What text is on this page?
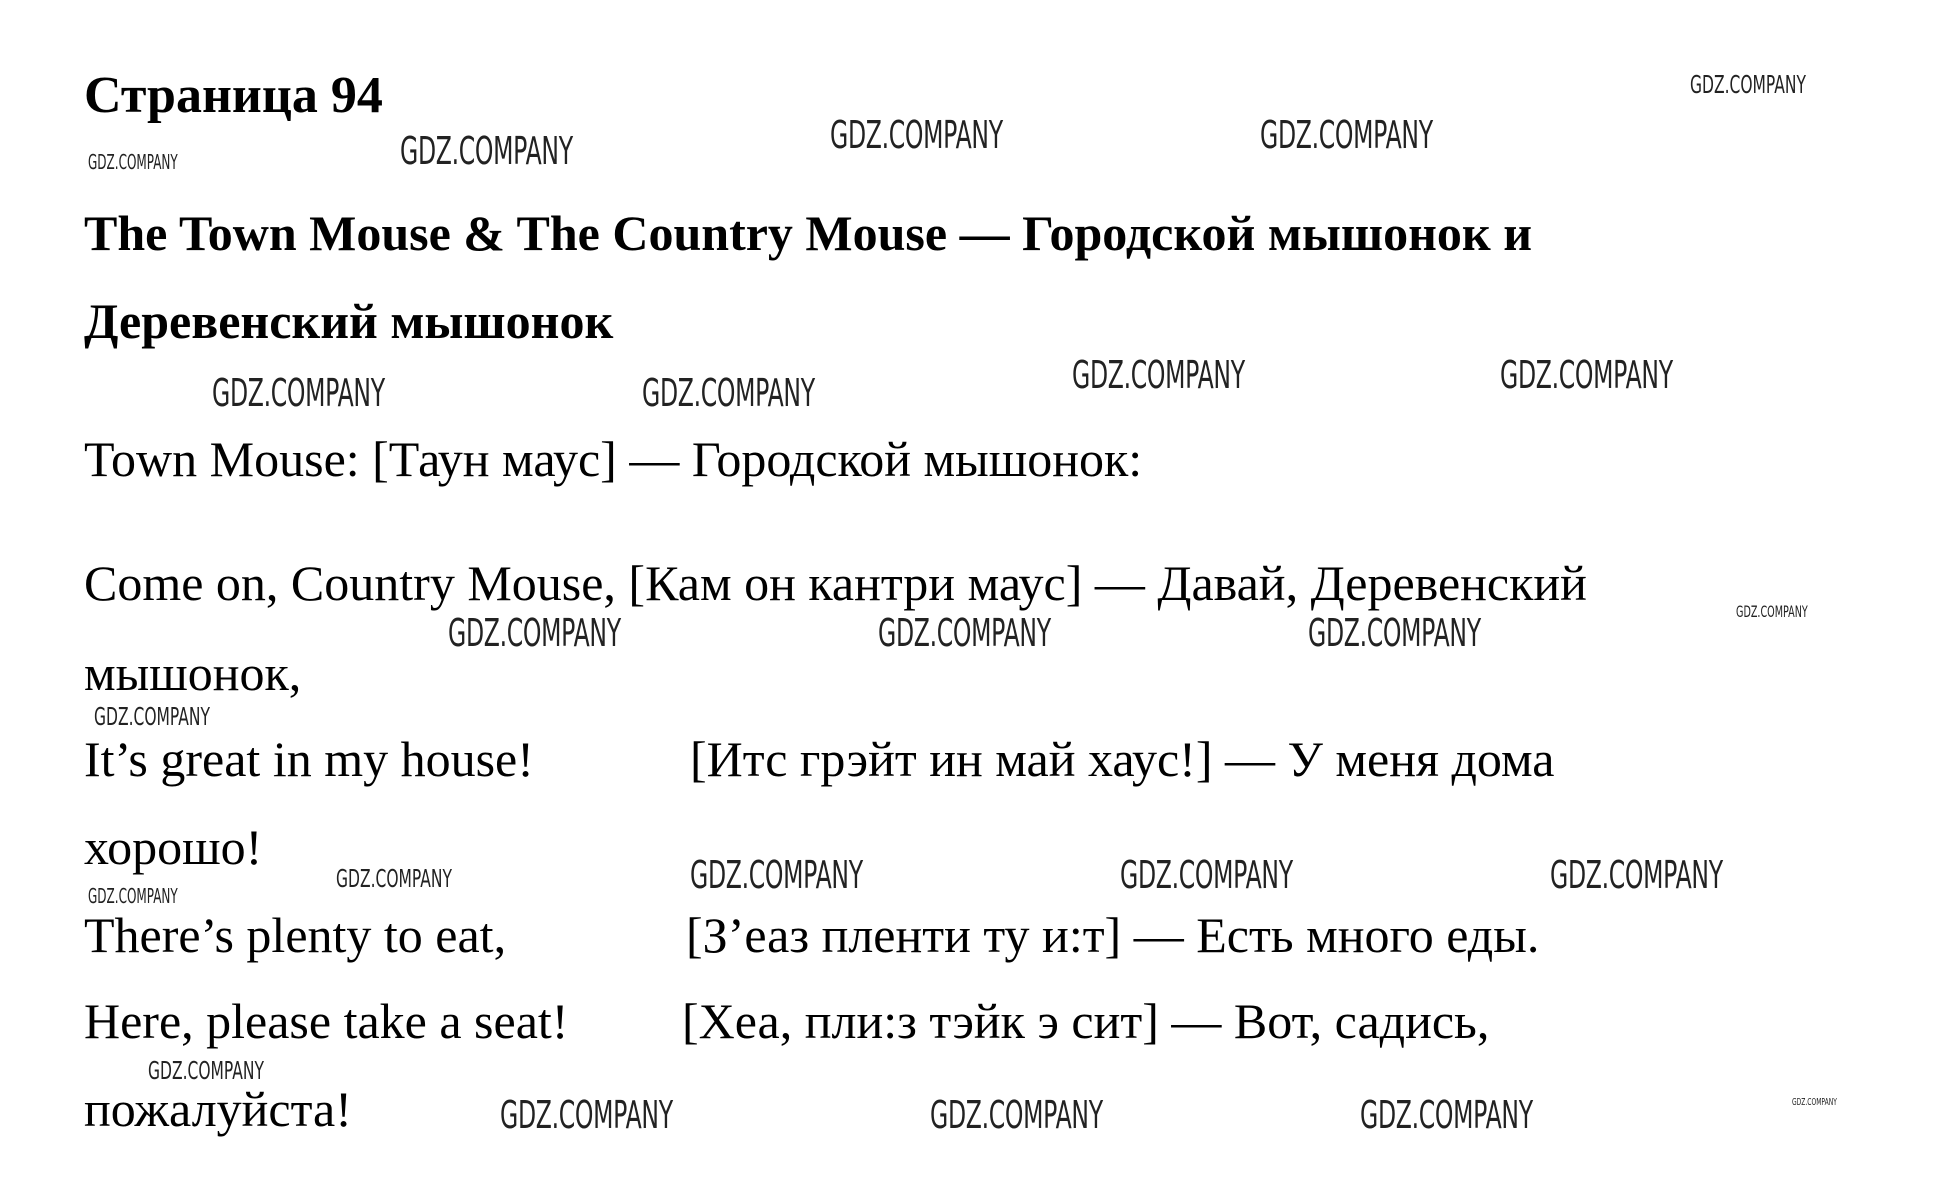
Страница 94
The Town Mouse & The Country Mouse — Городской мышонок и
Деревенский мышонок
Town Mouse: [Таун маус] — Городской мышонок:
Come on, Country Mouse, [Кам он кантри маус] — Давай, Деревенский
мышонок,
It’s great in my house!	[Итс грэйт ин май хаус!] — У меня дома
хорошо!
There’s plenty to eat,	[З’еаз пленти ту и:т] — Есть много еды.
Here, please take a seat! [Хеа, пли:з тэйк э сит] — Вот, садись,
пожалуйста!
GDZ.COMPANY
GDZ.COMPANY	GDZ.COMPANY	GDZ.COMPANY	GDZ.COMPANY
GDZ.COMPANY	GDZ.COMPANY	GDZ.COMPANY	GDZ.COMPANY
GDZ.COMPANY
GDZ.COMPANY	GDZ.COMPANY	GDZ.COMPANY
GDZ.COMPANY
GDZ.COMPANY
GDZ.COMPANY	GDZ.COMPANY	GDZ.COMPANY	GDZ.COMPANY
GDZ.COMPANY
GDZ.COMPANY	GDZ.COMPANY	GDZ.COMPANY	GDZ.COMPANY
